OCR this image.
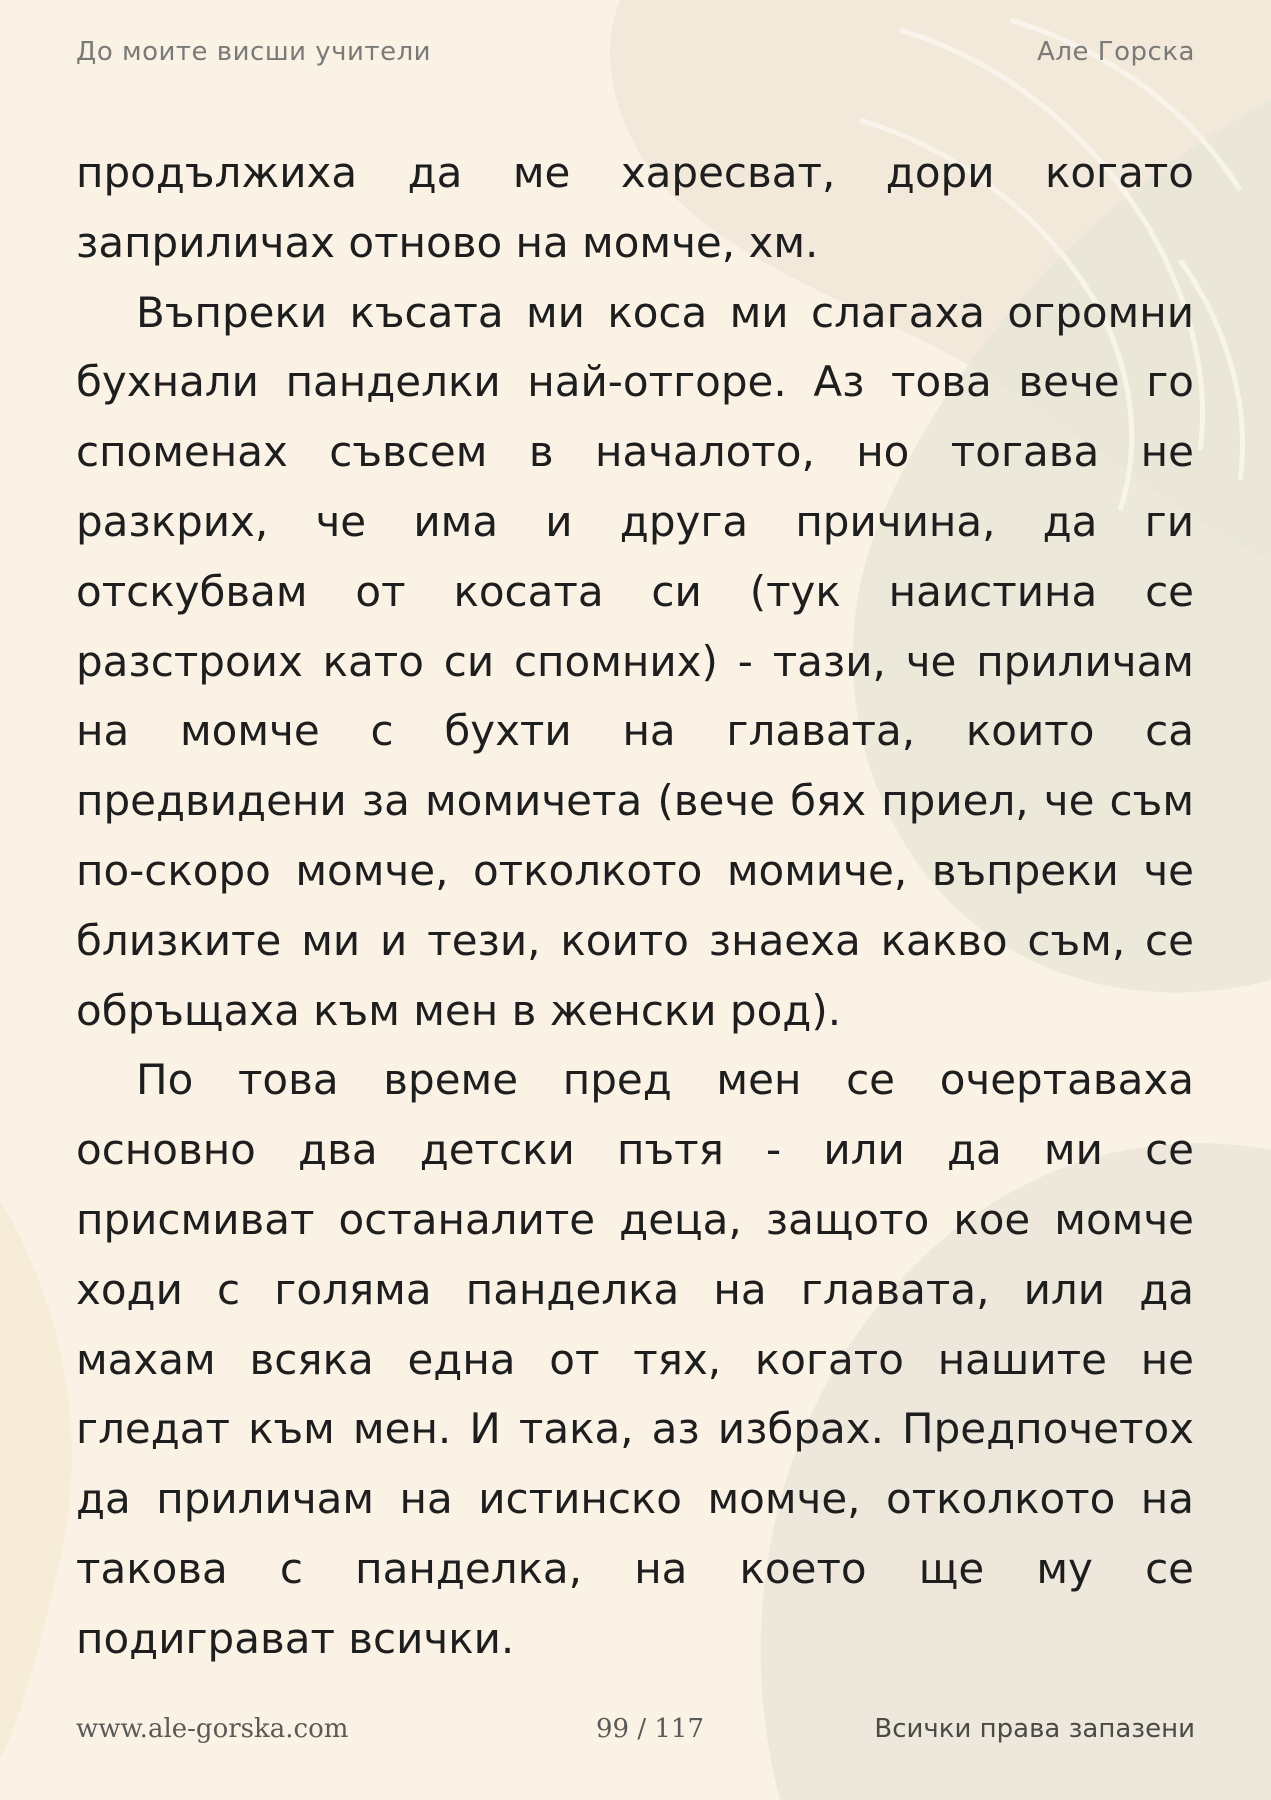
До моите висши учители	Але Горска

продължиха да ме харесват, дори когато заприличах отново на момче, хм.

Въпреки късата ми коса ми слагаха огромни бухнали панделки най-отгоре. Аз това вече го споменах съвсем в началото, но тогава не разкрих, че има и друга причина, да ги отскубвам от косата си (тук наистина се разстроих като си спомних) - тази, че приличам на момче с бухти на главата, които са предвидени за момичета (вече бях приел, че съм по-скоро момче, отколкото момиче, въпреки че близките ми и тези, които знаеха какво съм, се обръщаха към мен в женски род).

По това време пред мен се очертаваха основно два детски пътя - или да ми се присмиват останалите деца, защото кое момче ходи с голяма панделка на главата, или да махам всяка една от тях, когато нашите не гледат към мен. И така, аз избрах. Предпочетох да приличам на истинско момче, отколкото на такова с панделка, на което ще му се подиграват всички.

www.ale-gorska.com	99 / 117	Всички права запазени
